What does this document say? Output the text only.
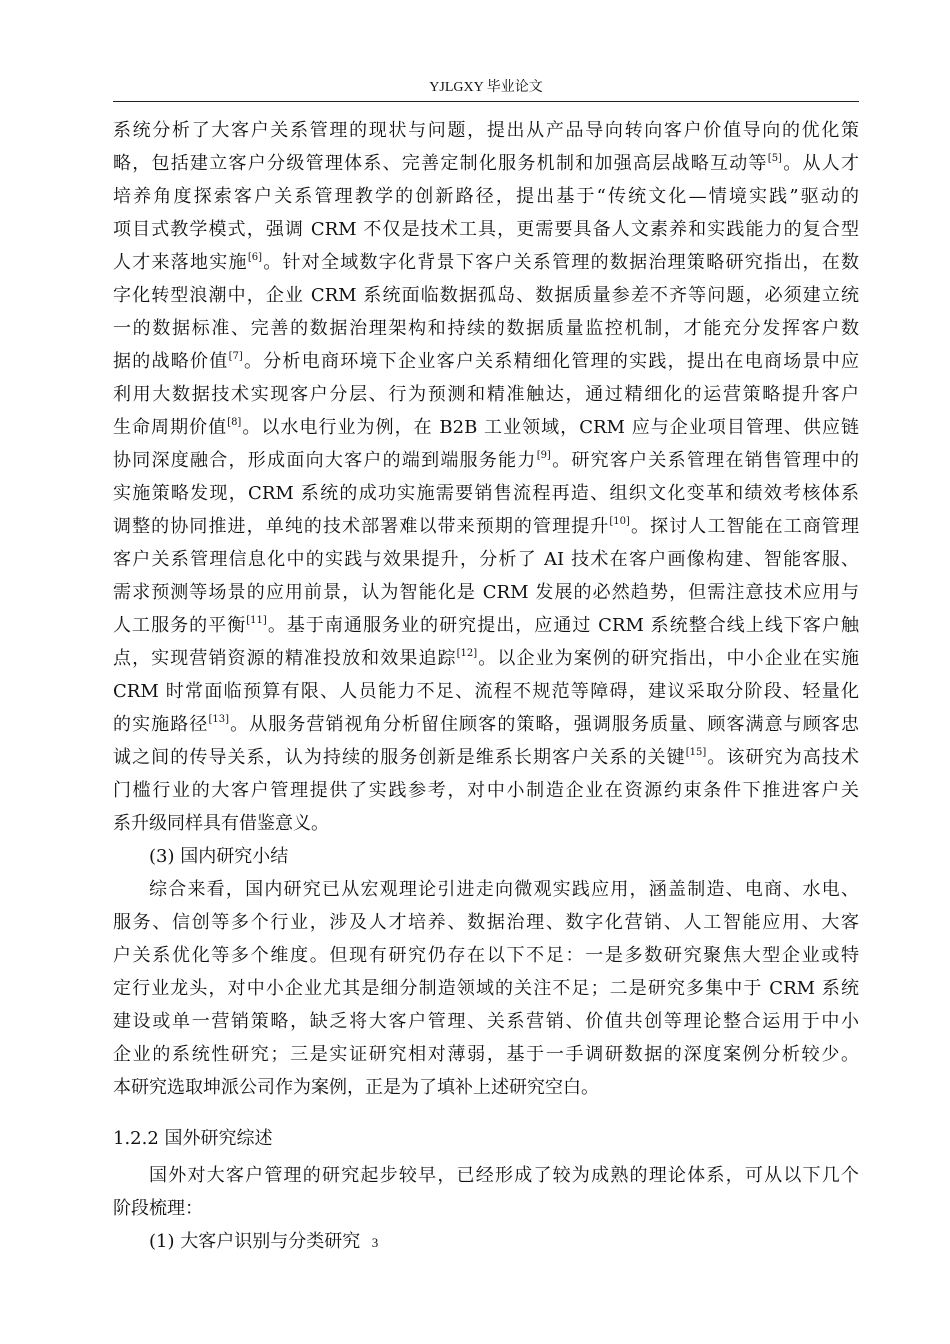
YJLGXY 毕业论文
系统分析了大客户关系管理的现状与问题，提出从产品导向转向客户价值导向的优化策
略，包括建立客户分级管理体系、完善定制化服务机制和加强高层战略互动等[5]。从人才
培养角度探索客户关系管理教学的创新路径，提出基于“传统文化—情境实践”驱动的
项目式教学模式，强调 CRM 不仅是技术工具，更需要具备人文素养和实践能力的复合型
人才来落地实施[6]。针对全域数字化背景下客户关系管理的数据治理策略研究指出，在数
字化转型浪潮中，企业 CRM 系统面临数据孤岛、数据质量参差不齐等问题，必须建立统
一的数据标准、完善的数据治理架构和持续的数据质量监控机制，才能充分发挥客户数
据的战略价值[7]。分析电商环境下企业客户关系精细化管理的实践，提出在电商场景中应
利用大数据技术实现客户分层、行为预测和精准触达，通过精细化的运营策略提升客户
生命周期价值[8]。以水电行业为例，在 B2B 工业领域，CRM 应与企业项目管理、供应链
协同深度融合，形成面向大客户的端到端服务能力[9]。研究客户关系管理在销售管理中的
实施策略发现，CRM 系统的成功实施需要销售流程再造、组织文化变革和绩效考核体系
调整的协同推进，单纯的技术部署难以带来预期的管理提升[10]。探讨人工智能在工商管理
客户关系管理信息化中的实践与效果提升，分析了 AI 技术在客户画像构建、智能客服、
需求预测等场景的应用前景，认为智能化是 CRM 发展的必然趋势，但需注意技术应用与
人工服务的平衡[11]。基于南通服务业的研究提出，应通过 CRM 系统整合线上线下客户触
点，实现营销资源的精准投放和效果追踪[12]。以企业为案例的研究指出，中小企业在实施
CRM 时常面临预算有限、人员能力不足、流程不规范等障碍，建议采取分阶段、轻量化
的实施路径[13]。从服务营销视角分析留住顾客的策略，强调服务质量、顾客满意与顾客忠
诚之间的传导关系，认为持续的服务创新是维系长期客户关系的关键[15]。该研究为高技术
门槛行业的大客户管理提供了实践参考，对中小制造企业在资源约束条件下推进客户关
系升级同样具有借鉴意义。
(3) 国内研究小结
综合来看，国内研究已从宏观理论引进走向微观实践应用，涵盖制造、电商、水电、
服务、信创等多个行业，涉及人才培养、数据治理、数字化营销、人工智能应用、大客
户关系优化等多个维度。但现有研究仍存在以下不足：一是多数研究聚焦大型企业或特
定行业龙头，对中小企业尤其是细分制造领域的关注不足；二是研究多集中于 CRM 系统
建设或单一营销策略，缺乏将大客户管理、关系营销、价值共创等理论整合运用于中小
企业的系统性研究；三是实证研究相对薄弱，基于一手调研数据的深度案例分析较少。
本研究选取坤派公司作为案例，正是为了填补上述研究空白。
1.2.2 国外研究综述
国外对大客户管理的研究起步较早，已经形成了较为成熟的理论体系，可从以下几个
阶段梳理：
(1) 大客户识别与分类研究 3
